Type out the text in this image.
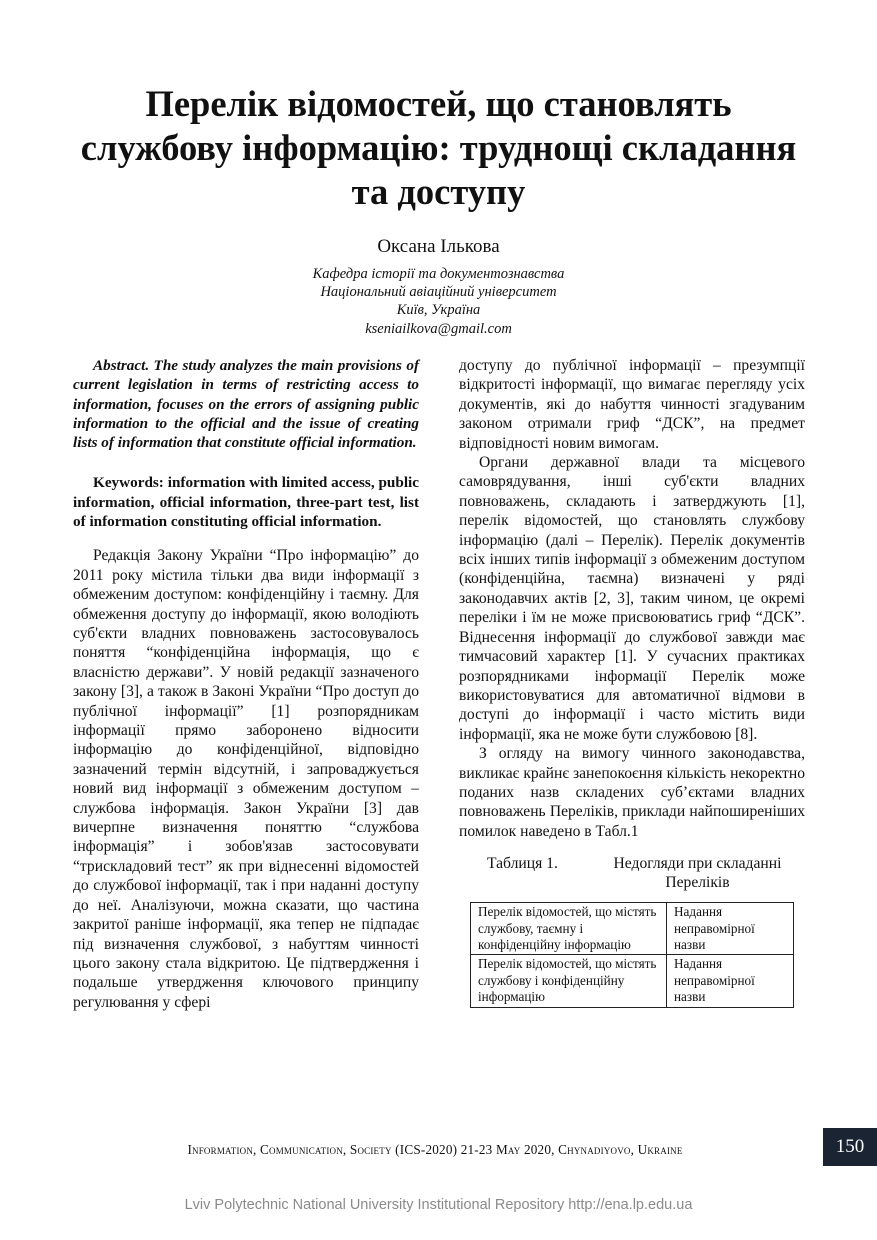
Перелік відомостей, що становлять
службову інформацію: труднощі складання
та доступу
Оксана Ількова
Кафедра історії та документознавства
Національний авіаційний університет
Київ, Україна
kseniailkova@gmail.com

Abstract. The study analyzes the main provisions of current legislation in terms of restricting access to information, focuses on the errors of assigning public information to the official and the issue of creating lists of information that constitute official information.

Keywords: information with limited access, public information, official information, three-part test, list of information constituting official information.

Редакція Закону України “Про інформацію” до 2011 року містила тільки два види інформації з обмеженим доступом: конфіденційну і таємну. Для обмеження доступу до інформації, якою володіють суб'єкти владних повноважень застосовувалось поняття “конфіденційна інформація, що є власністю держави”. У новій редакції зазначеного закону [3], а також в Законі України “Про доступ до публічної інформації” [1] розпорядникам інформації прямо заборонено відносити інформацію до конфіденційної, відповідно зазначений термін відсутній, і запроваджується новий вид інформації з обмеженим доступом – службова інформація. Закон України [3] дав вичерпне визначення поняттю “службова інформація” і зобов'язав застосовувати “трискладовий тест” як при віднесенні відомостей до службової інформації, так і при наданні доступу до неї. Аналізуючи, можна сказати, що частина закритої раніше інформації, яка тепер не підпадає під визначення службової, з набуттям чинності цього закону стала відкритою. Це підтвердження і подальше утвердження ключового принципу регулювання у сфері

доступу до публічної інформації – презумпції відкритості інформації, що вимагає перегляду усіх документів, які до набуття чинності згадуваним законом отримали гриф “ДСК”, на предмет відповідності новим вимогам.

Органи державної влади та місцевого самоврядування, інші суб'єкти владних повноважень, складають і затверджують [1], перелік відомостей, що становлять службову інформацію (далі – Перелік). Перелік документів всіх інших типів інформації з обмеженим доступом (конфіденційна, таємна) визначені у ряді законодавчих актів [2, 3], таким чином, це окремі переліки і їм не може присвоюватись гриф “ДСК”. Віднесення інформації до службової завжди має тимчасовий характер [1]. У сучасних практиках розпорядниками інформації Перелік може використовуватися для автоматичної відмови в доступі до інформації і часто містить види інформації, яка не може бути службовою [8].

З огляду на вимогу чинного законодавства, викликає крайнє занепокоєння кількість некоректно поданих назв складених суб’єктами владних повноважень Переліків, приклади найпоширеніших помилок наведено в Табл.1

Таблиця 1.	Недогляди при складанні Переліків
Перелік відомостей, що містять службову, таємну і конфіденційну інформацію	Надання неправомірної назви
Перелік відомостей, що містять службову і конфіденційну інформацію	Надання неправомірної назви
Information, Communication, Society (ICS-2020) 21-23 May 2020, Chynadiyovo, Ukraine	150
Lviv Polytechnic National University Institutional Repository http://ena.lp.edu.ua
